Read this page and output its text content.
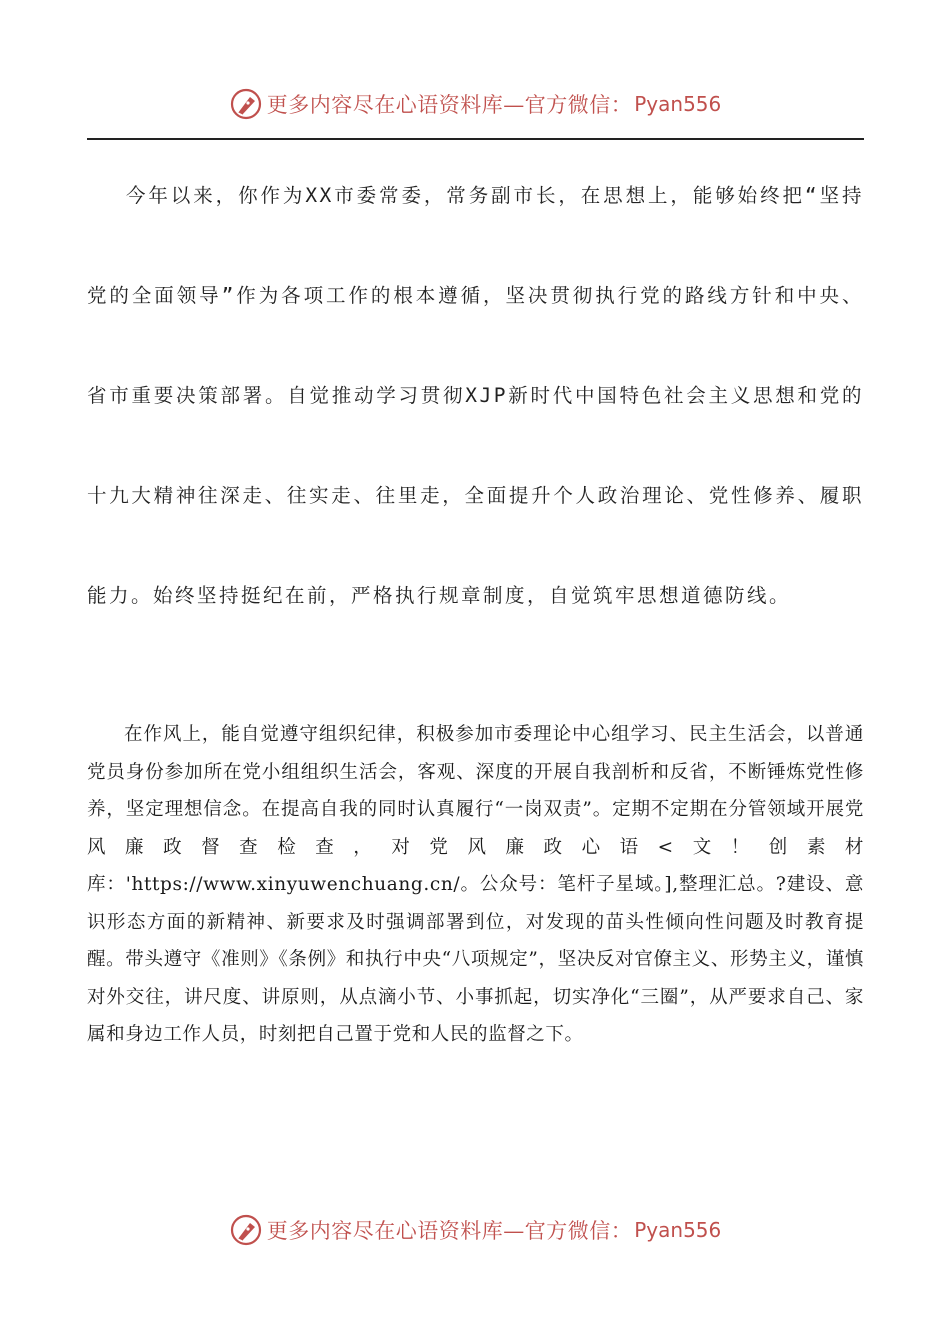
更多内容尽在心语资料库—官方微信： Pyan556

今年以来，你作为XX市委常委，常务副市长，在思想上，能够始终把“坚持党的全面领导”作为各项工作的根本遵循，坚决贯彻执行党的路线方针和中央、省市重要决策部署。自觉推动学习贯彻XJP新时代中国特色社会主义思想和党的十九大精神往深走、往实走、往里走，全面提升个人政治理论、党性修养、履职能力。始终坚持挺纪在前，严格执行规章制度，自觉筑牢思想道德防线。

在作风上，能自觉遵守组织纪律，积极参加市委理论中心组学习、民主生活会，以普通党员身份参加所在党小组组织生活会，客观、深度的开展自我剖析和反省，不断锤炼党性修养，坚定理想信念。在提高自我的同时认真履行“一岗双责”。定期不定期在分管领域开展党风廉政督查检查，对党风廉政心语<文！创素材库：'https://www.xinyuwenchuang.cn/。公众号：笔杆子星域。],整理汇总。?建设、意识形态方面的新精神、新要求及时强调部署到位，对发现的苗头性倾向性问题及时教育提醒。带头遵守《准则》《条例》和执行中央“八项规定”，坚决反对官僚主义、形势主义，谨慎对外交往，讲尺度、讲原则，从点滴小节、小事抓起，切实净化“三圈”，从严要求自己、家属和身边工作人员，时刻把自己置于党和人民的监督之下。

更多内容尽在心语资料库—官方微信： Pyan556
